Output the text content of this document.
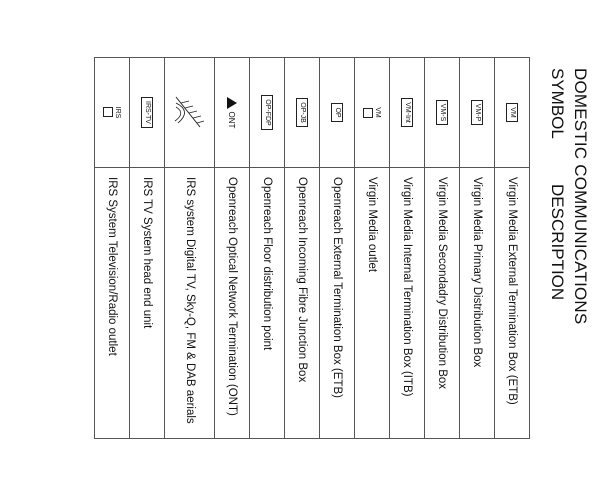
DOMESTIC COMMUNICATIONS
SYMBOL
DESCRIPTION
VM	Virgin Media External Termination Box (ETB)

VM-P	Virgin Media Primary Distribution Box

VM-S	Virgin Media Secondadry Distribution Box

VM-Int	Virgin Media Internal Termination Box (ITB)

VM	Virgin Media outlet

OP	Openreach External Termination Box (ETB)

OP-JB	Openreach Incoming Fibre Junction Box

OP-FDP	Openreach Floor distribution point

ONT	Openreach Optical Network Termination (ONT)

	IRS system Digital TV, Sky-Q, FM & DAB aerials

IRS-TV	IRS TV System head end unit

IRS	IRS System Television/Radio outlet
